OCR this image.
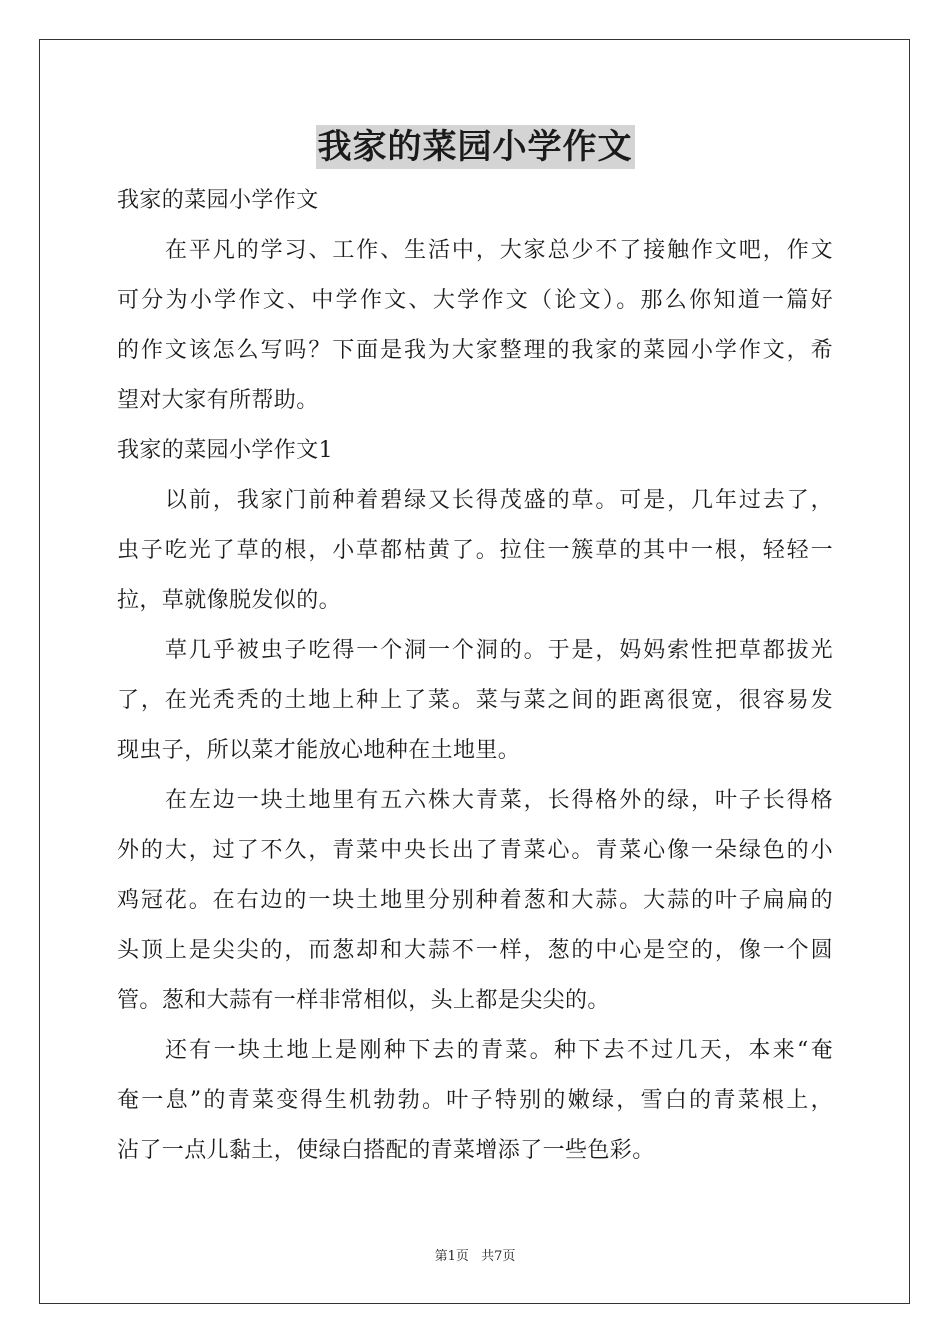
我家的菜园小学作文
我家的菜园小学作文
在平凡的学习、工作、生活中，大家总少不了接触作文吧，作文
可分为小学作文、中学作文、大学作文（论文）。那么你知道一篇好
的作文该怎么写吗？下面是我为大家整理的我家的菜园小学作文，希
望对大家有所帮助。
我家的菜园小学作文1
以前，我家门前种着碧绿又长得茂盛的草。可是，几年过去了，
虫子吃光了草的根，小草都枯黄了。拉住一簇草的其中一根，轻轻一
拉，草就像脱发似的。
草几乎被虫子吃得一个洞一个洞的。于是，妈妈索性把草都拔光
了，在光秃秃的土地上种上了菜。菜与菜之间的距离很宽，很容易发
现虫子，所以菜才能放心地种在土地里。
在左边一块土地里有五六株大青菜，长得格外的绿，叶子长得格
外的大，过了不久，青菜中央长出了青菜心。青菜心像一朵绿色的小
鸡冠花。在右边的一块土地里分别种着葱和大蒜。大蒜的叶子扁扁的
头顶上是尖尖的，而葱却和大蒜不一样，葱的中心是空的，像一个圆
管。葱和大蒜有一样非常相似，头上都是尖尖的。
还有一块土地上是刚种下去的青菜。种下去不过几天，本来“奄
奄一息”的青菜变得生机勃勃。叶子特别的嫩绿，雪白的青菜根上，
沾了一点儿黏土，使绿白搭配的青菜增添了一些色彩。
第1页 共7页
